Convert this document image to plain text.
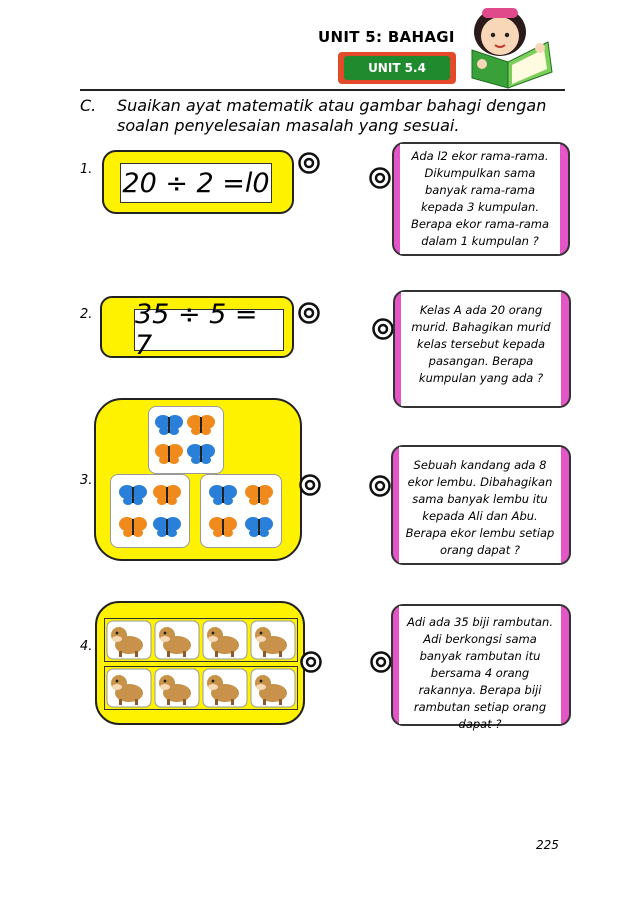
UNIT 5: BAHAGI
UNIT 5.4
C. Suaikan ayat matematik atau gambar bahagi dengan soalan penyelesaian masalah yang sesuai.
1. 20 ÷ 2 =l0
2. 35 ÷ 5 = 7
3.
4.
Ada l2 ekor rama-rama. Dikumpulkan sama banyak rama-rama kepada 3 kumpulan. Berapa ekor rama-rama dalam 1 kumpulan ?
Kelas A ada 20 orang murid. Bahagikan murid kelas tersebut kepada pasangan. Berapa kumpulan yang ada ?
Sebuah kandang ada 8 ekor lembu. Dibahagikan sama banyak lembu itu kepada Ali dan Abu. Berapa ekor lembu setiap orang dapat ?
Adi ada 35 biji rambutan. Adi berkongsi sama banyak rambutan itu bersama 4 orang rakannya. Berapa biji rambutan setiap orang dapat ?
225
